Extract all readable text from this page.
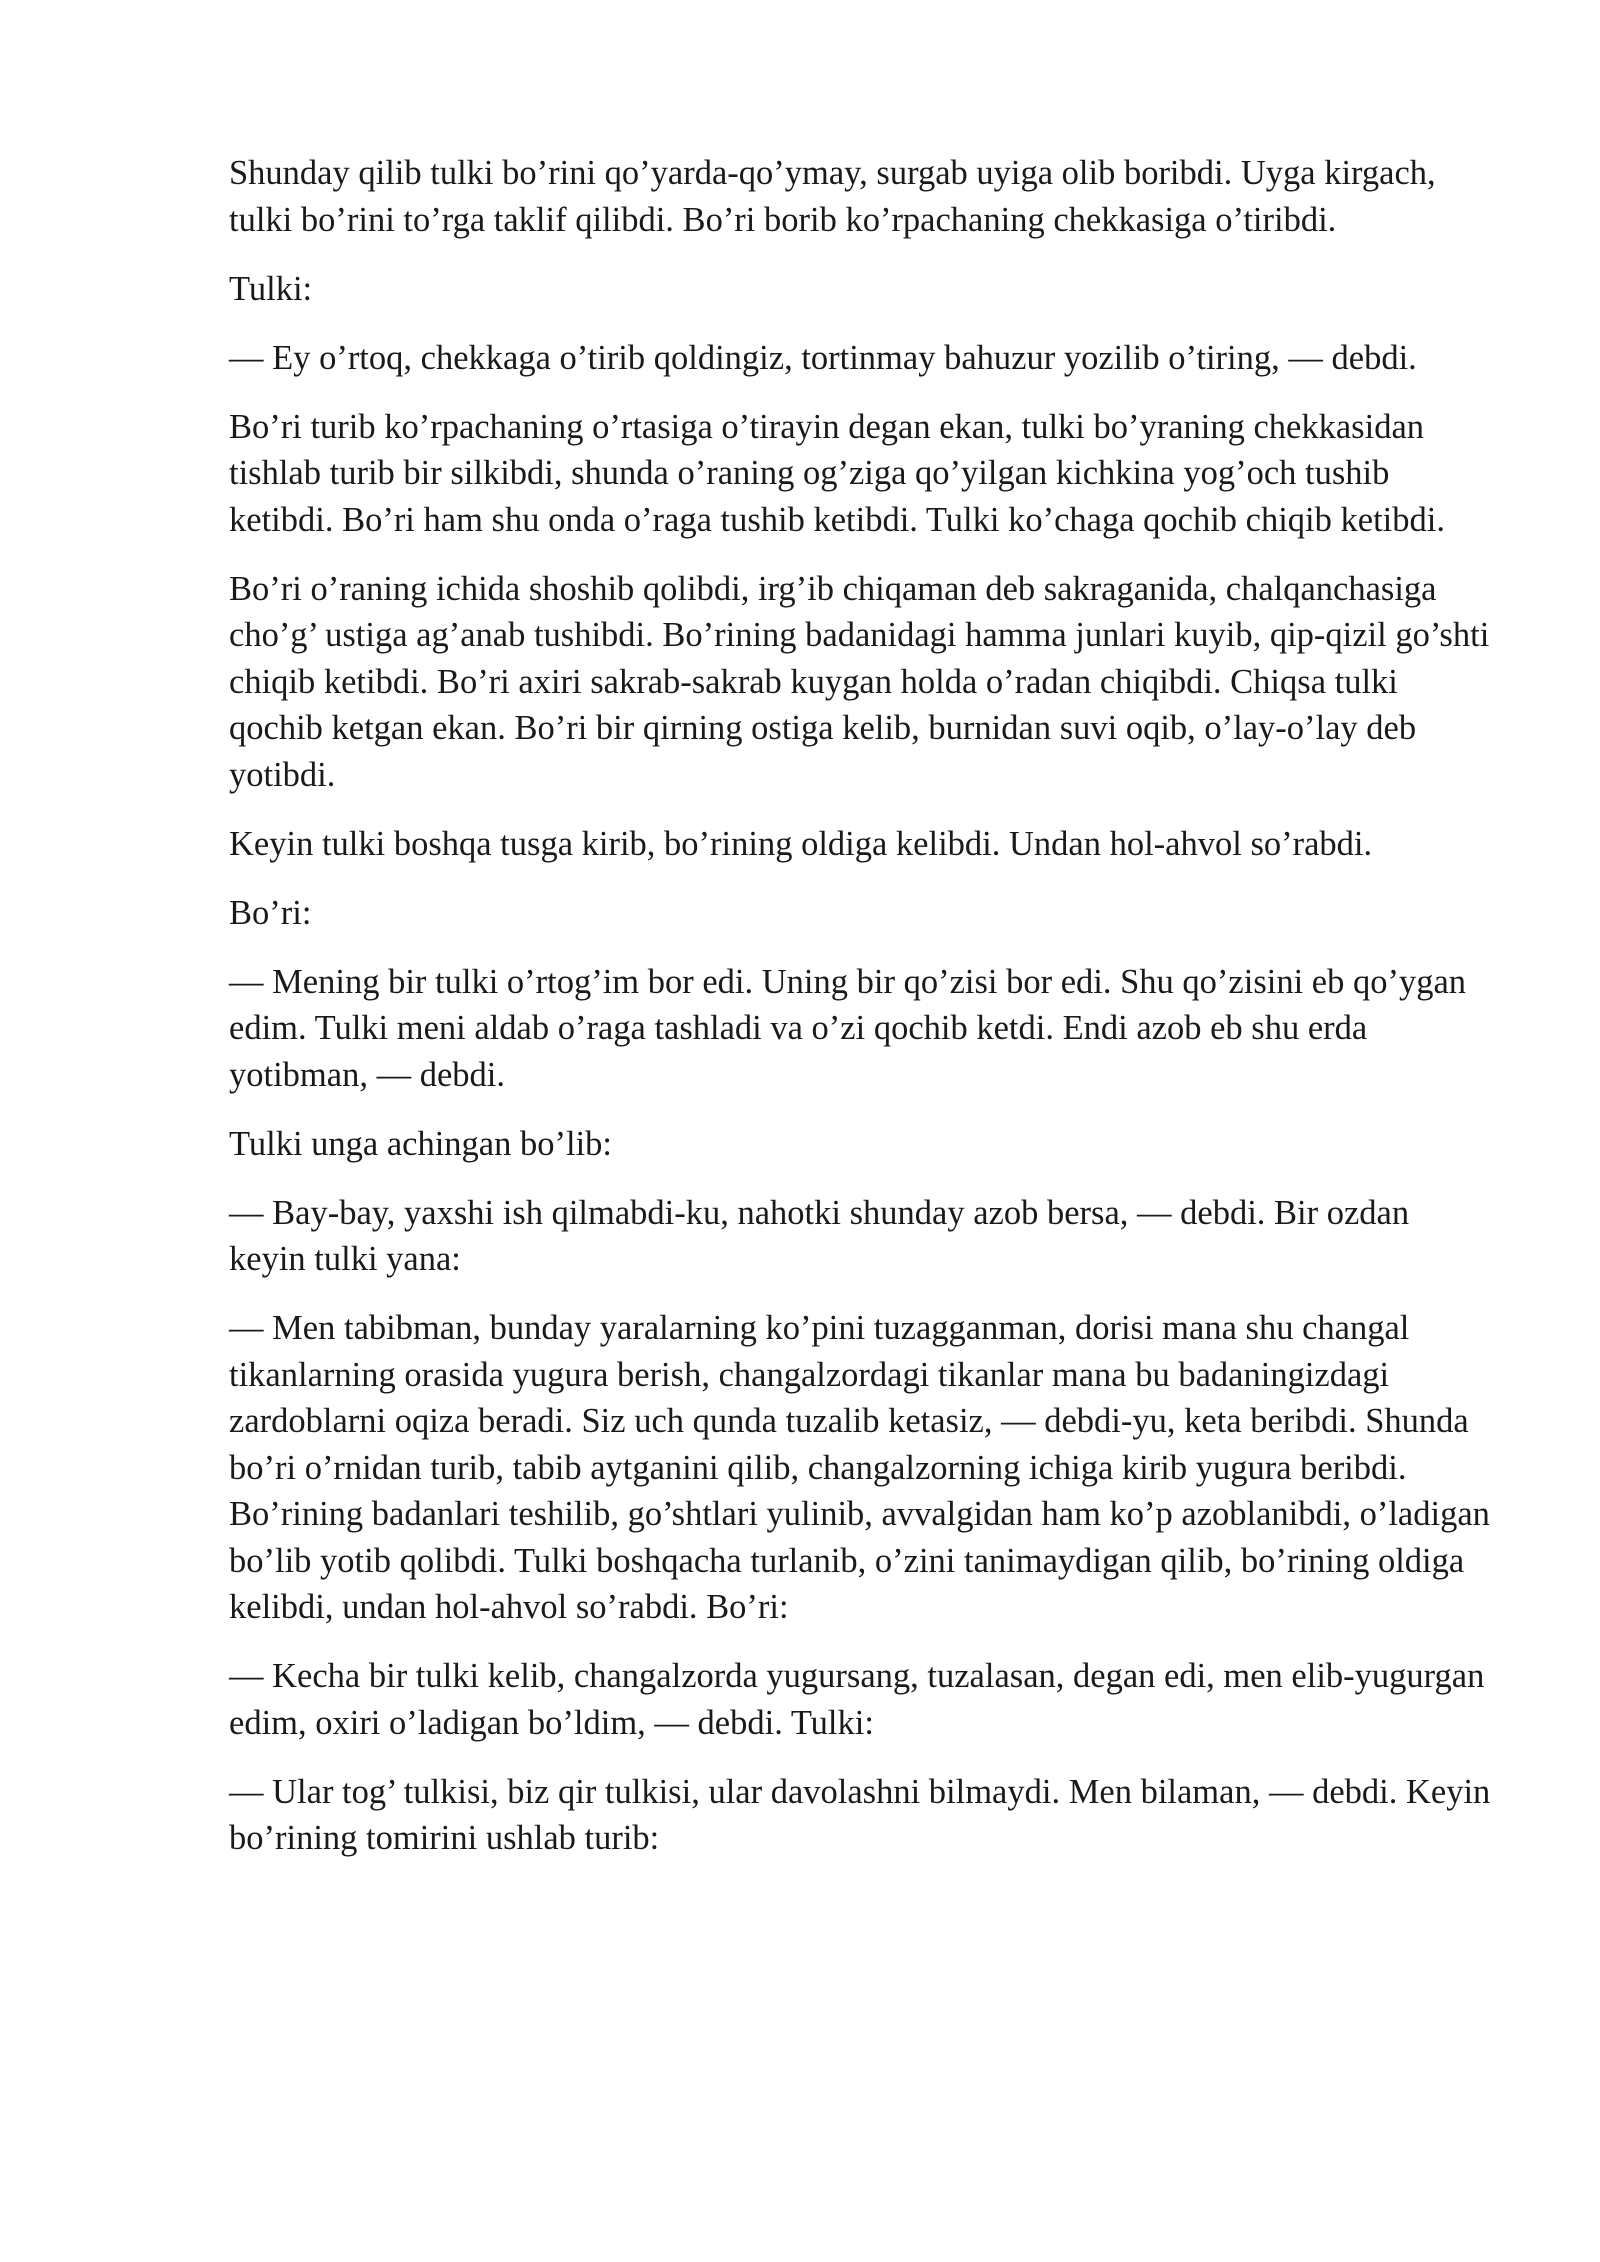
Shunday qilib tulki bo’rini qo’yarda-qo’ymay, surgab uyiga olib boribdi. Uyga kirgach, tulki bo’rini to’rga taklif qilibdi. Bo’ri borib ko’rpachaning chekkasiga o’tiribdi.

Tulki:

— Ey o’rtoq, chekkaga o’tirib qoldingiz, tortinmay bahuzur yozilib o’tiring, — debdi.

Bo’ri turib ko’rpachaning o’rtasiga o’tirayin degan ekan, tulki bo’yraning chekkasidan tishlab turib bir silkibdi, shunda o’raning og’ziga qo’yilgan kichkina yog’och tushib ketibdi. Bo’ri ham shu onda o’raga tushib ketibdi. Tulki ko’chaga qochib chiqib ketibdi.

Bo’ri o’raning ichida shoshib qolibdi, irg’ib chiqaman deb sakraganida, chalqanchasiga cho’g’ ustiga ag’anab tushibdi. Bo’rining badanidagi hamma junlari kuyib, qip-qizil go’shti chiqib ketibdi. Bo’ri axiri sakrab-sakrab kuygan holda o’radan chiqibdi. Chiqsa tulki qochib ketgan ekan. Bo’ri bir qirning ostiga kelib, burnidan suvi oqib, o’lay-o’lay deb yotibdi.

Keyin tulki boshqa tusga kirib, bo’rining oldiga kelibdi. Undan hol-ahvol so’rabdi.

Bo’ri:

— Mening bir tulki o’rtog’im bor edi. Uning bir qo’zisi bor edi. Shu qo’zisini eb qo’ygan edim. Tulki meni aldab o’raga tashladi va o’zi qochib ketdi. Endi azob eb shu erda yotibman, — debdi.

Tulki unga achingan bo’lib:

— Bay-bay, yaxshi ish qilmabdi-ku, nahotki shunday azob bersa, — debdi. Bir ozdan keyin tulki yana:

— Men tabibman, bunday yaralarning ko’pini tuzagganman, dorisi mana shu changal tikanlarning orasida yugura berish, changalzordagi tikanlar mana bu badaningizdagi zardoblarni oqiza beradi. Siz uch qunda tuzalib ketasiz, — debdi-yu, keta beribdi. Shunda bo’ri o’rnidan turib, tabib aytganini qilib, changalzorning ichiga kirib yugura beribdi. Bo’rining badanlari teshilib, go’shtlari yulinib, avvalgidan ham ko’p azoblanibdi, o’ladigan bo’lib yotib qolibdi. Tulki boshqacha turlanib, o’zini tanimaydigan qilib, bo’rining oldiga kelibdi, undan hol-ahvol so’rabdi. Bo’ri:

— Kecha bir tulki kelib, changalzorda yugursang, tuzalasan, degan edi, men elib-yugurgan edim, oxiri o’ladigan bo’ldim, — debdi. Tulki:

— Ular tog’ tulkisi, biz qir tulkisi, ular davolashni bilmaydi. Men bilaman, — debdi. Keyin bo’rining tomirini ushlab turib:
